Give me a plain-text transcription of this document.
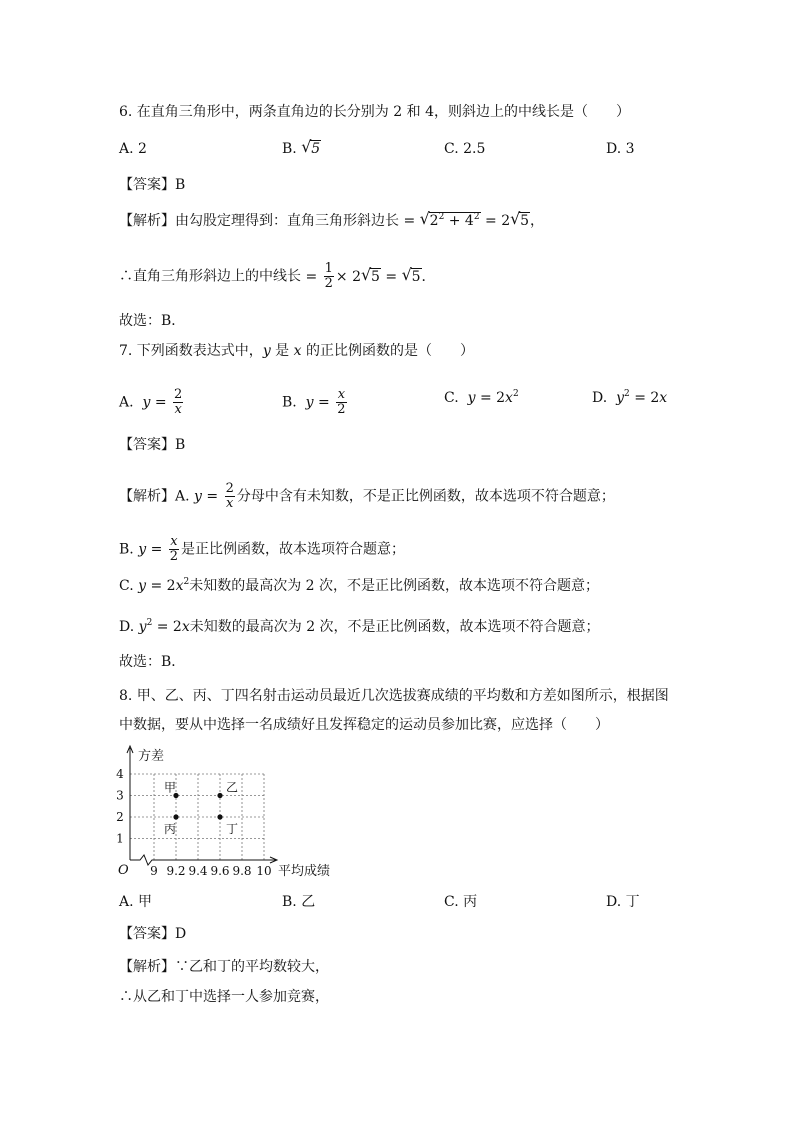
6. 在直角三角形中，两条直角边的长分别为 2 和 4，则斜边上的中线长是（　　）
A. 2	B. √ 5	C. 2.5	D. 3
【答案】B
【解析】由勾股定理得到：直角三角形斜边长 = √ $2^2 + 4^2 = 2$ √ 5，
∴直角三角形斜边上的中线长 = $\frac{1}{2} \times 2$ √ 5 = √ 5．
故选：B．
7. 下列函数表达式中，y 是 x 的正比例函数的是（　　）
A. $y = \frac{2}{x}$	B. $y = \frac{x}{2}$	C. $y = 2x^2$	D. $y^2 = 2x$
【答案】B
【解析】A. $y = \frac{2}{x}$ 分母中含有未知数，不是正比例函数，故本选项不符合题意；
B. $y = \frac{x}{2}$ 是正比例函数，故本选项符合题意；
C. $y = 2x^2$未知数的最高次为 2 次，不是正比例函数，故本选项不符合题意；
D. $y^2 = 2x$未知数的最高次为 2 次，不是正比例函数，故本选项不符合题意；
故选：B．
8. 甲、乙、丙、丁四名射击运动员最近几次选拔赛成绩的平均数和方差如图所示，根据图
中数据，要从中选择一名成绩好且发挥稳定的运动员参加比赛，应选择（　　）
方差
平均成绩
O 9 9.2 9.4 9.6 9.8 10
1
2
3
4
甲
丙
乙
丁
A. 甲	B. 乙	C. 丙	D. 丁
【答案】D
【解析】∵乙和丁的平均数较大，
∴从乙和丁中选择一人参加竞赛，
